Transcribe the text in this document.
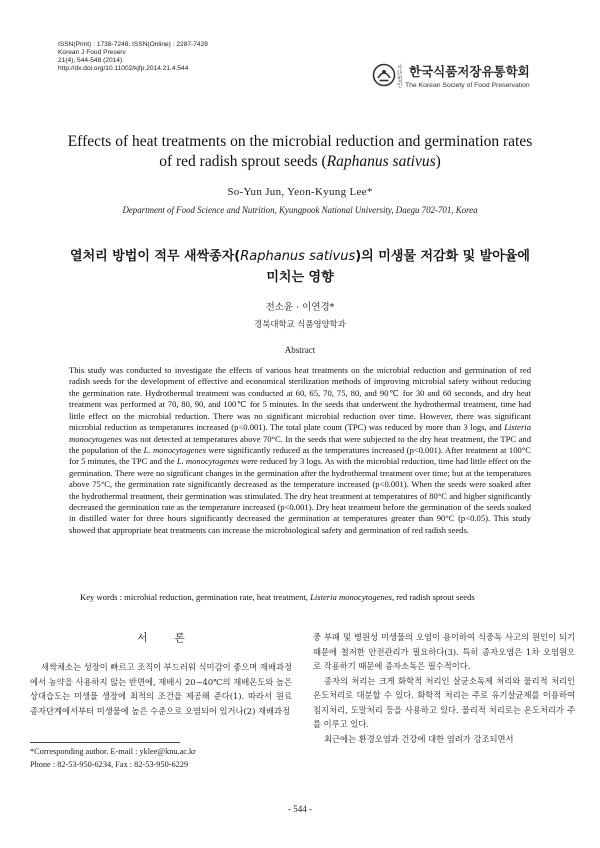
ISSN(Print) : 1738-7248, ISSN(Online) : 2287-7428
Korean J Food Preserv
21(4), 544-548 (2014)
http://dx.doi.org/10.11002/kjfp.2014.21.4.544	사단법인
한국식품저장유통학회
The Korean Society of Food Preservation
Effects of heat treatments on the microbial reduction and germination rates of red radish sprout seeds (Raphanus sativus)
So-Yun Jun, Yeon-Kyung Lee*
Department of Food Science and Nutrition, Kyungpook National University, Daegu 702-701, Korea
열처리 방법이 적무 새싹종자(Raphanus sativus)의 미생물 저감화 및 발아율에 미치는 영향
전소윤 · 이연경*
경북대학교 식품영양학과
Abstract
This study was conducted to investigate the effects of various heat treatments on the microbial reduction and germination of red radish seeds for the development of effective and economical sterilization methods of improving microbial safety without reducing the germination rate. Hydrothermal treatment was conducted at 60, 65, 70, 75, 80, and 90℃ for 30 and 60 seconds, and dry heat treatment was performed at 70, 80, 90, and 100℃ for 5 minutes. In the seeds that underwent the hydrothermal treatment, time had little effect on the microbial reduction. There was no significant microbial reduction over time. However, there was significant microbial reduction as temperatures increased (p<0.001). The total plate count (TPC) was reduced by more than 3 logs, and Listeria monocytogenes was not detected at temperatures above 70°C. In the seeds that were subjected to the dry heat treatment, the TPC and the population of the L. monocytogenes were significantly reduced as the temperatures increased (p<0.001). After treatment at 100°C for 5 minutes, the TPC and the L. monocytogenes were reduced by 3 logs. As with the microbial reduction, time had little effect on the germination. There were no significant changes in the germination after the hydrothermal treatment over time; but at the temperatures above 75°C, the germination rate significantly decreased as the temperature increased (p<0.001). When the seeds were soaked after the hydrothermal treatment, their germination was stimulated. The dry heat treatment at temperatures of 80°C and higher significantly decreased the germination rate as the temperature increased (p<0.001). Dry heat treatment before the germination of the seeds soaked in distilled water for three hours significantly decreased the germination at temperatures greater than 90°C (p<0.05). This study showed that appropriate heat treatments can increase the microbiological safety and germination of red radish seeds.
Key words : microbial reduction, germination rate, heat treatment, Listeria monocytogenes, red radish sprout seeds
서 론

새싹채소는 성장이 빠르고 조직이 부드러워 식미감이 좋으며 재배과정에서 농약을 사용하지 않는 반면에, 재배시 20~40℃의 재배온도와 높은 상대습도는 미생물 생장에 최적의 조건을 제공해 준다(1). 따라서 원료 종자단계에서부터 미생물에 높은 수준으로 오염되어 있거나(2) 재배과정

중 부패 및 병원성 미생물의 오염이 용이하여 식중독 사고의 원인이 되기 때문에 철저한 안전관리가 필요하다(3). 특히 종자오염은 1차 오염원으로 작용하기 때문에 종자소독은 필수적이다.

종자의 처리는 크게 화학적 처리인 살균소독제 처리와 물리적 처리인 온도처리로 대분할 수 있다. 화학적 처리는 주로 유기살균제를 이용하여 침지처리, 도말처리 등을 사용하고 있다. 물리적 처리로는 온도처리가 주를 이루고 있다.

최근에는 환경오염과 건강에 대한 염려가 강조되면서

*Corresponding author. E-mail : yklee@knu.ac.kr
Phone : 82-53-950-6234, Fax : 82-53-950-6229
- 544 -
